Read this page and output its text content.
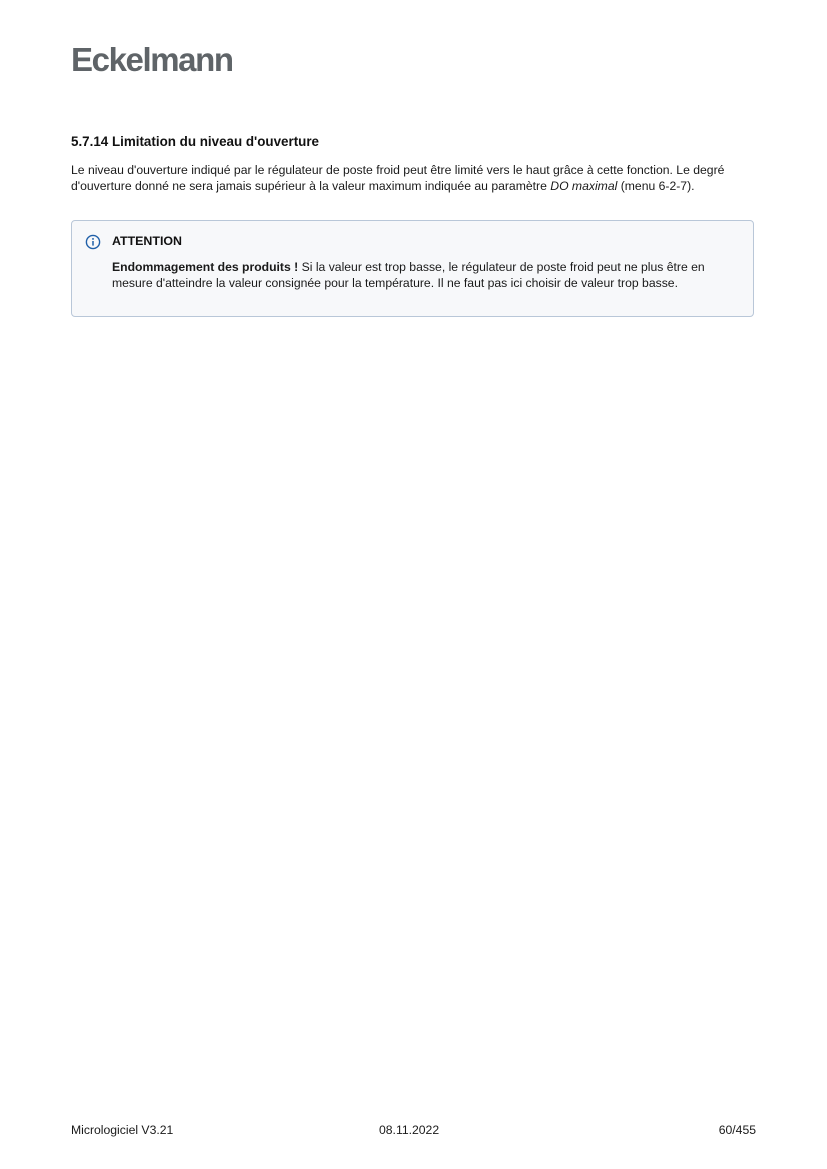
Eckelmann
5.7.14 Limitation du niveau d'ouverture

Le niveau d'ouverture indiqué par le régulateur de poste froid peut être limité vers le haut grâce à cette fonction. Le degré d'ouverture donné ne sera jamais supérieur à la valeur maximum indiquée au paramètre DO maximal (menu 6-2-7).

ATTENTION

Endommagement des produits ! Si la valeur est trop basse, le régulateur de poste froid peut ne plus être en mesure d'atteindre la valeur consignée pour la température. Il ne faut pas ici choisir de valeur trop basse.

Micrologiciel V3.21	08.11.2022	60/455
